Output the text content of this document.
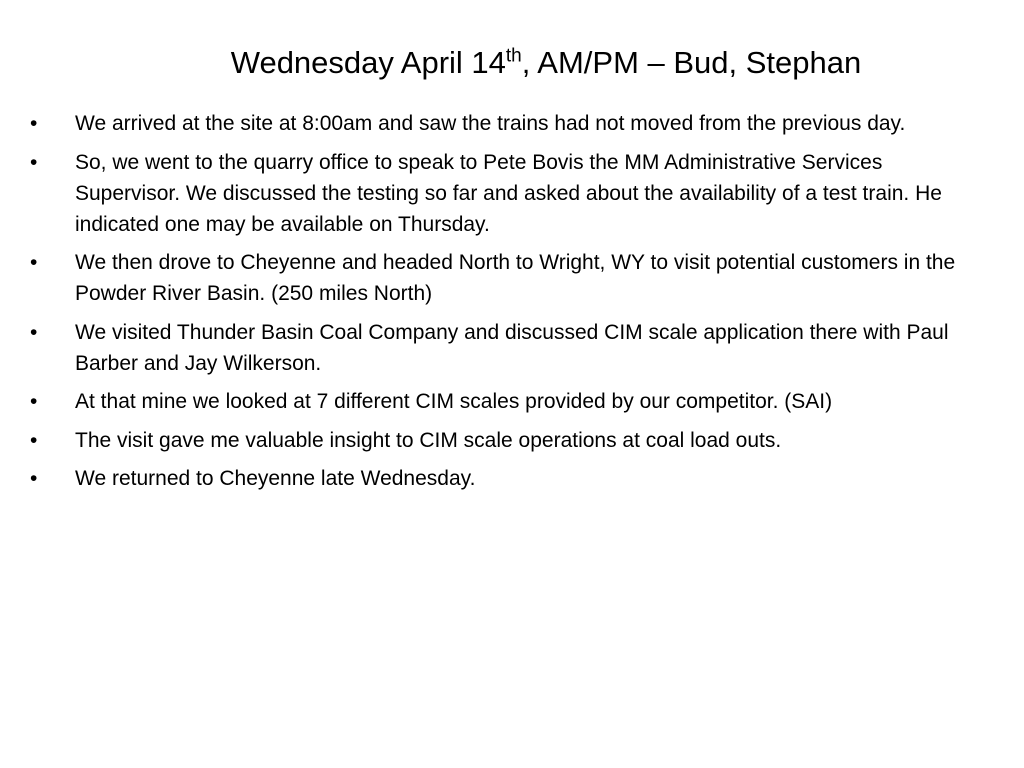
Wednesday April 14th, AM/PM – Bud, Stephan
•	We arrived at the site at 8:00am and saw the trains had not moved from the previous day.
•	So, we went to the quarry office to speak to Pete Bovis the MM Administrative Services Supervisor. We discussed the testing so far and asked about the availability of a test train. He indicated one may be available on Thursday.
•	We then drove to Cheyenne and headed North to Wright, WY to visit potential customers in the Powder River Basin. (250 miles North)
•	We visited Thunder Basin Coal Company and discussed CIM scale application there with Paul Barber and Jay Wilkerson.
•	At that mine we looked at 7 different CIM scales provided by our competitor. (SAI)
•	The visit gave me valuable insight to CIM scale operations at coal load outs.
•	We returned to Cheyenne late Wednesday.
